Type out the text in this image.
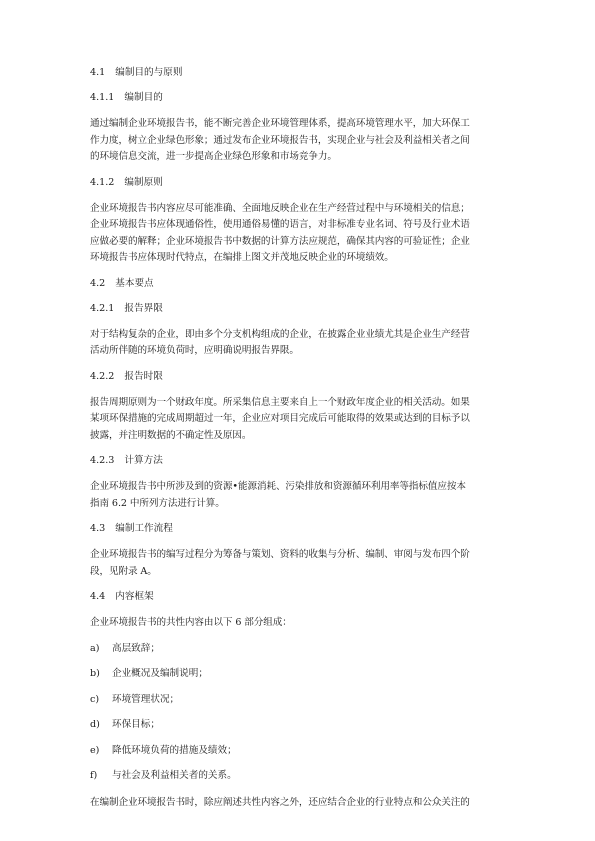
4.1 编制目的与原则
4.1.1 编制目的
通过编制企业环境报告书，能不断完善企业环境管理体系，提高环境管理水平，加大环保工
作力度，树立企业绿色形象；通过发布企业环境报告书，实现企业与社会及利益相关者之间
的环境信息交流，进一步提高企业绿色形象和市场竞争力。
4.1.2 编制原则
企业环境报告书内容应尽可能准确、全面地反映企业在生产经营过程中与环境相关的信息；
企业环境报告书应体现通俗性，使用通俗易懂的语言，对非标准专业名词、符号及行业术语
应做必要的解释；企业环境报告书中数据的计算方法应规范，确保其内容的可验证性；企业
环境报告书应体现时代特点，在编排上图文并茂地反映企业的环境绩效。
4.2 基本要点
4.2.1 报告界限
对于结构复杂的企业，即由多个分支机构组成的企业，在披露企业业绩尤其是企业生产经营
活动所伴随的环境负荷时，应明确说明报告界限。
4.2.2 报告时限
报告周期原则为一个财政年度。所采集信息主要来自上一个财政年度企业的相关活动。如果
某项环保措施的完成周期超过一年，企业应对项目完成后可能取得的效果或达到的目标予以
披露，并注明数据的不确定性及原因。
4.2.3 计算方法
企业环境报告书中所涉及到的资源•能源消耗、污染排放和资源循环利用率等指标值应按本
指南 6.2 中所列方法进行计算。
4.3 编制工作流程
企业环境报告书的编写过程分为筹备与策划、资料的收集与分析、编制、审阅与发布四个阶
段，见附录 A。
4.4 内容框架
企业环境报告书的共性内容由以下 6 部分组成：
a) 高层致辞；
b) 企业概况及编制说明；
c) 环境管理状况；
d) 环保目标；
e) 降低环境负荷的措施及绩效；
f) 与社会及利益相关者的关系。
在编制企业环境报告书时，除应阐述共性内容之外，还应结合企业的行业特点和公众关注的
